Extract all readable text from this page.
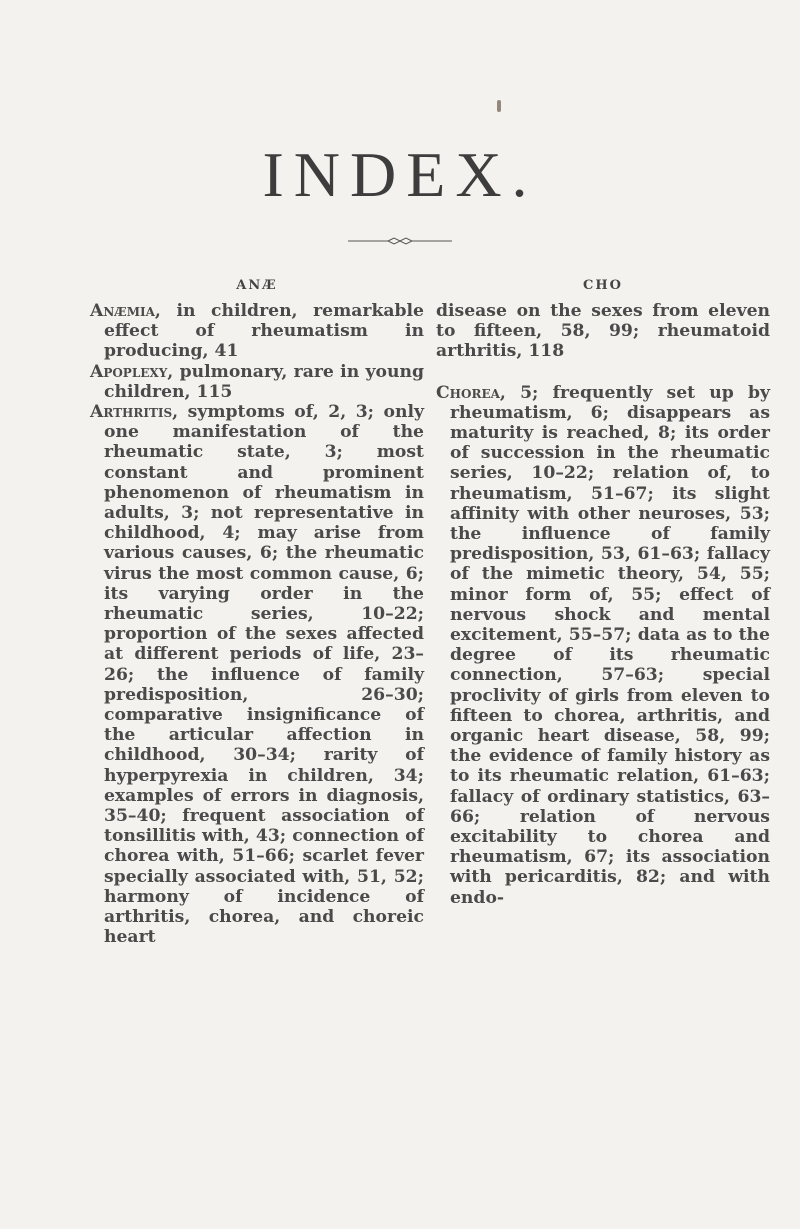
INDEX.
ANÆ

Anæmia, in children, remarkable effect of rheumatism in producing, 41

Apoplexy, pulmonary, rare in young children, 115

Arthritis, symptoms of, 2, 3; only one manifestation of the rheumatic state, 3; most constant and prominent phenomenon of rheumatism in adults, 3; not representative in childhood, 4; may arise from various causes, 6; the rheumatic virus the most common cause, 6; its varying order in the rheumatic series, 10–22; proportion of the sexes affected at different periods of life, 23–26; the influence of family predisposition, 26–30; comparative insignificance of the articular affection in childhood, 30–34; rarity of hyperpyrexia in children, 34; examples of errors in diagnosis, 35–40; frequent association of tonsillitis with, 43; connection of chorea with, 51–66; scarlet fever specially associated with, 51, 52; harmony of incidence of arthritis, chorea, and choreic heart

CHO

disease on the sexes from eleven to fifteen, 58, 99; rheumatoid arthritis, 118

Chorea, 5; frequently set up by rheumatism, 6; disappears as maturity is reached, 8; its order of succession in the rheumatic series, 10–22; relation of, to rheumatism, 51–67; its slight affinity with other neuroses, 53; the influence of family predisposition, 53, 61–63; fallacy of the mimetic theory, 54, 55; minor form of, 55; effect of nervous shock and mental excitement, 55–57; data as to the degree of its rheumatic connection, 57–63; special proclivity of girls from eleven to fifteen to chorea, arthritis, and organic heart disease, 58, 99; the evidence of family history as to its rheumatic relation, 61–63; fallacy of ordinary statistics, 63–66; relation of nervous excitability to chorea and rheumatism, 67; its association with pericarditis, 82; and with endo-
